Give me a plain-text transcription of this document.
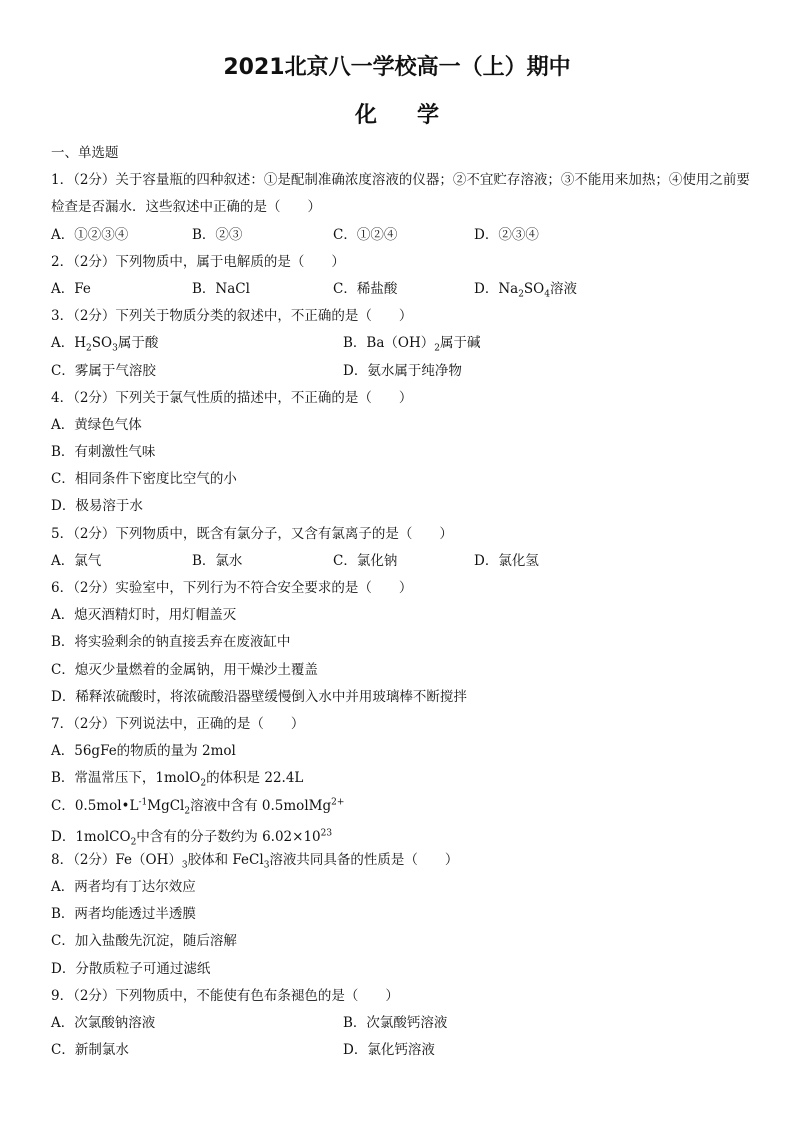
2021北京八一学校高一（上）期中
化学
一、单选题
1．（2分）关于容量瓶的四种叙述：①是配制准确浓度溶液的仪器；②不宜贮存溶液；③不能用来加热；④使用之前要检查是否漏水．这些叙述中正确的是（　　）
A．①②③④	B．②③	C．①②④	D．②③④
2．（2分）下列物质中，属于电解质的是（　　）
A．Fe	B．NaCl	C．稀盐酸	D．$Na_2SO_4$溶液
3．（2分）下列关于物质分类的叙述中，不正确的是（　　）
A．$H_2SO_3$属于酸	B．$Ba(OH)_2$属于碱
C．雾属于气溶胶	D．氨水属于纯净物
4．（2分）下列关于氯气性质的描述中，不正确的是（　　）
A．黄绿色气体
B．有刺激性气味
C．相同条件下密度比空气的小
D．极易溶于水
5．（2分）下列物质中，既含有氯分子，又含有氯离子的是（　　）
A．氯气	B．氯水	C．氯化钠	D．氯化氢
6．（2分）实验室中，下列行为不符合安全要求的是（　　）
A．熄灭酒精灯时，用灯帽盖灭
B．将实验剩余的钠直接丢弃在废液缸中
C．熄灭少量燃着的金属钠，用干燥沙土覆盖
D．稀释浓硫酸时，将浓硫酸沿器壁缓慢倒入水中并用玻璃棒不断搅拌
7．（2分）下列说法中，正确的是（　　）
A．56gFe的物质的量为 2mol
B．常温常压下，1molO$_2$的体积是 22.4L
C．$0.5mol•L^{-1}MgCl_2$溶液中含有 0.5molMg$^{2+}$
D．1molCO$_2$中含有的分子数约为 $6.02\times 10^{23}$
8．（2分）$Fe(OH)_3$胶体和 FeCl$_3$溶液共同具备的性质是（　　）
A．两者均有丁达尔效应
B．两者均能透过半透膜
C．加入盐酸先沉淀，随后溶解
D．分散质粒子可通过滤纸
9．（2分）下列物质中，不能使有色布条褪色的是（　　）
A．次氯酸钠溶液	B．次氯酸钙溶液
C．新制氯水	D．氯化钙溶液
